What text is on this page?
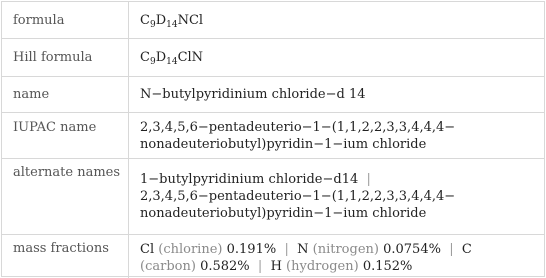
formula	$C_9D_{14}NCl$
Hill formula	$C_9D_{14}ClN$
name	N−butylpyridinium chloride−d 14
IUPAC name	2,3,4,5,6−pentadeuterio−1−(1,1,2,2,3,3,4,4,4−
nonadeuteriobutyl)pyridin−1−ium chloride
alternate names	1−butylpyridinium chloride−d14 |
2,3,4,5,6−pentadeuterio−1−(1,1,2,2,3,3,4,4,4−
nonadeuteriobutyl)pyridin−1−ium chloride
mass fractions	Cl (chlorine) 0.191% | N (nitrogen) 0.0754% | C
(carbon) 0.582% | H (hydrogen) 0.152%
